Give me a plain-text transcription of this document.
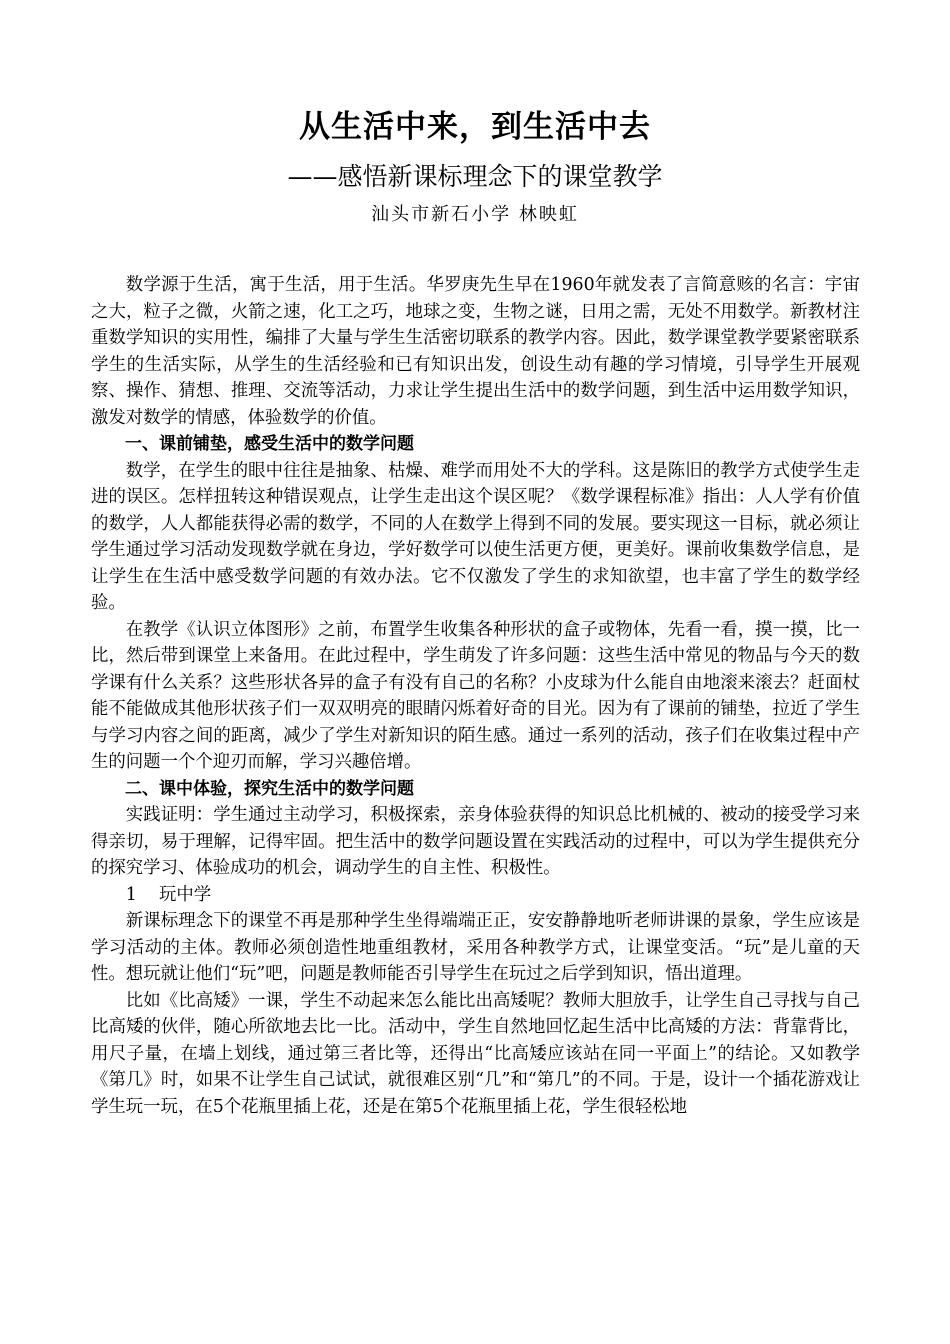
从生活中来，到生活中去
——感悟新课标理念下的课堂教学
汕头市新石小学 林映虹

数学源于生活，寓于生活，用于生活。华罗庚先生早在1960年就发表了言简意赅的名言：宇宙之大，粒子之微，火箭之速，化工之巧，地球之变，生物之谜，日用之需，无处不用数学。新教材注重数学知识的实用性，编排了大量与学生生活密切联系的教学内容。因此，数学课堂教学要紧密联系学生的生活实际，从学生的生活经验和已有知识出发，创设生动有趣的学习情境，引导学生开展观察、操作、猜想、推理、交流等活动，力求让学生提出生活中的数学问题，到生活中运用数学知识，激发对数学的情感，体验数学的价值。

一、课前铺垫，感受生活中的数学问题

数学，在学生的眼中往往是抽象、枯燥、难学而用处不大的学科。这是陈旧的教学方式使学生走进的误区。怎样扭转这种错误观点，让学生走出这个误区呢？《数学课程标准》指出：人人学有价值的数学，人人都能获得必需的数学，不同的人在数学上得到不同的发展。要实现这一目标，就必须让学生通过学习活动发现数学就在身边，学好数学可以使生活更方便，更美好。课前收集数学信息，是让学生在生活中感受数学问题的有效办法。它不仅激发了学生的求知欲望，也丰富了学生的数学经验。

在教学《认识立体图形》之前，布置学生收集各种形状的盒子或物体，先看一看，摸一摸，比一比，然后带到课堂上来备用。在此过程中，学生萌发了许多问题：这些生活中常见的物品与今天的数学课有什么关系？这些形状各异的盒子有没有自己的名称？小皮球为什么能自由地滚来滚去？赶面杖能不能做成其他形状孩子们一双双明亮的眼睛闪烁着好奇的目光。因为有了课前的铺垫，拉近了学生与学习内容之间的距离，减少了学生对新知识的陌生感。通过一系列的活动，孩子们在收集过程中产生的问题一个个迎刃而解，学习兴趣倍增。

二、课中体验，探究生活中的数学问题

实践证明：学生通过主动学习，积极探索，亲身体验获得的知识总比机械的、被动的接受学习来得亲切，易于理解，记得牢固。把生活中的数学问题设置在实践活动的过程中，可以为学生提供充分的探究学习、体验成功的机会，调动学生的自主性、积极性。

1    玩中学

新课标理念下的课堂不再是那种学生坐得端端正正，安安静静地听老师讲课的景象，学生应该是学习活动的主体。教师必须创造性地重组教材，采用各种教学方式，让课堂变活。“玩”是儿童的天性。想玩就让他们“玩”吧，问题是教师能否引导学生在玩过之后学到知识，悟出道理。

比如《比高矮》一课，学生不动起来怎么能比出高矮呢？教师大胆放手，让学生自己寻找与自己比高矮的伙伴，随心所欲地去比一比。活动中，学生自然地回忆起生活中比高矮的方法：背靠背比，用尺子量，在墙上划线，通过第三者比等，还得出“比高矮应该站在同一平面上”的结论。又如教学《第几》时，如果不让学生自己试试，就很难区别“几”和“第几”的不同。于是，设计一个插花游戏让学生玩一玩，在5个花瓶里插上花，还是在第5个花瓶里插上花，学生很轻松地
